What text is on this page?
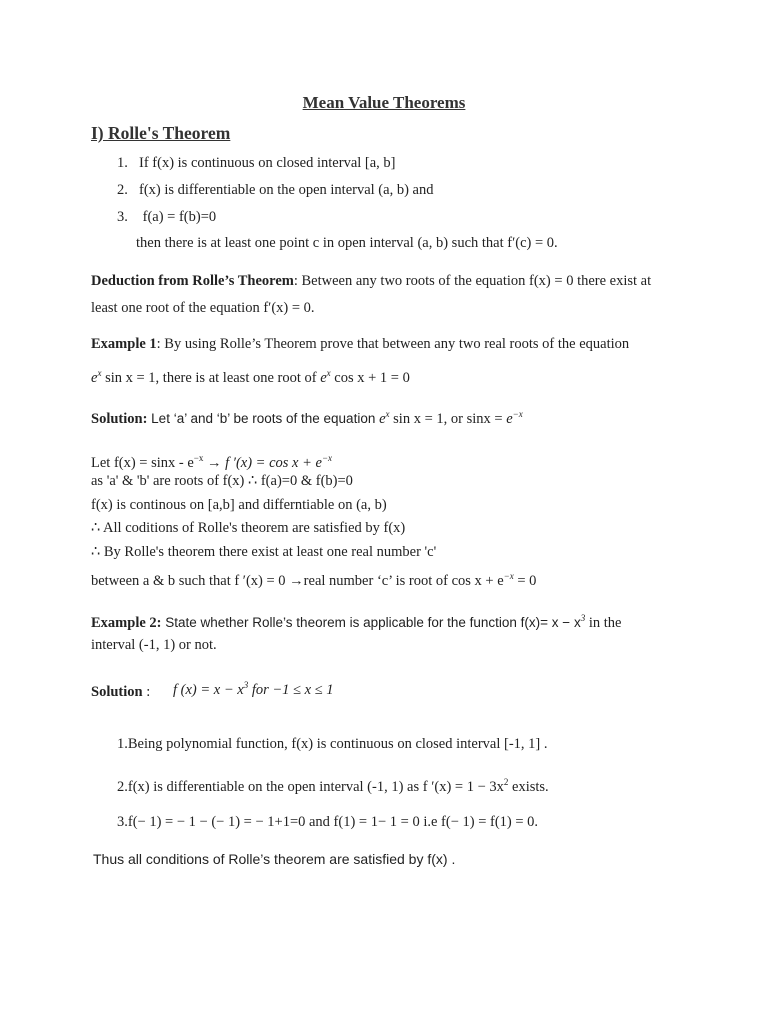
Mean Value Theorems
I) Rolle's Theorem
1. If f(x) is continuous on closed interval [a, b]
2. f(x) is differentiable on the open interval (a, b) and
3. f(a) = f(b)=0
then there is at least one point c in open interval (a, b) such that f′(c) = 0.
Deduction from Rolle’s Theorem: Between any two roots of the equation f(x) = 0 there exist at
least one root of the equation f′(x) = 0.
Example 1: By using Rolle’s Theorem prove that between any two real roots of the equation
$e^x$ sin x = 1, there is at least one root of $e^x$ cos x + 1 = 0
Solution: Let ‘a’ and ‘b’ be roots of the equation $e^x$ sin x = 1, or $\sin x = e^{-x}$
Let $f(x) = \sin x - e^{-x} \to f$ $'(x) = \cos x + e^{-x}$
as 'a' & 'b' are roots of f(x) ∴ f(a)=0 & f(b)=0
f(x) is continous on [a,b] and differntiable on (a, b)
∴ All coditions of Rolle's theorem are satisfied by f(x)
∴ By Rolle's theorem there exist at least one real number 'c'
between a & b such that f ′(x) = 0 →real number ‘c’ is root of $\cos x + e^{-x} = 0$
Example 2: State whether Rolle’s theorem is applicable for the function $f(x)= x - x^3$ in the
interval (-1, 1) or not.
Solution : f $(x) = x - x^3$ for −1 ≤ x ≤ 1
1.Being polynomial function, f(x) is continuous on closed interval [-1, 1] .
2.f(x) is differentiable on the open interval (-1, 1) as f $'(x) = 1 - 3x^2$ exists.
3.f(− 1) = − 1 − (− 1) = − 1+1=0 and f(1) = 1− 1 = 0 i.e f(− 1) = f(1) = 0.
Thus all conditions of Rolle’s theorem are satisfied by f(x) .
